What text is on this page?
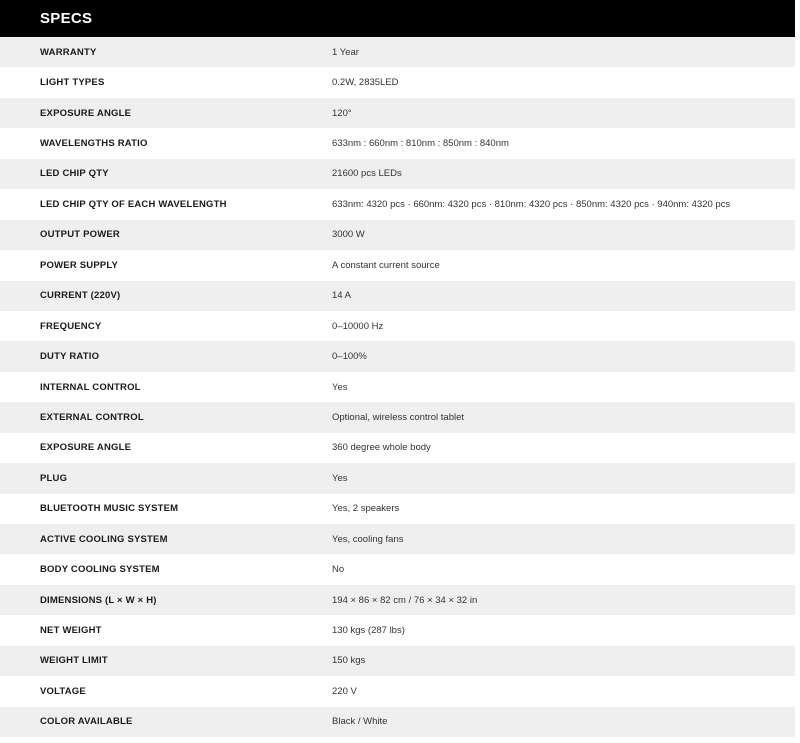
SPECS
WARRANTY	1 Year
LIGHT TYPES	0.2W, 2835LED
EXPOSURE ANGLE	120°
WAVELENGTHS RATIO	633nm : 660nm : 810nm : 850nm : 840nm
LED CHIP QTY	21600 pcs LEDs
LED CHIP QTY OF EACH WAVELENGTH	633nm: 4320 pcs · 660nm: 4320 pcs · 810nm: 4320 pcs · 850nm: 4320 pcs · 940nm: 4320 pcs
OUTPUT POWER	3000 W
POWER SUPPLY	A constant current source
CURRENT (220V)	14 A
FREQUENCY	0–10000 Hz
DUTY RATIO	0–100%
INTERNAL CONTROL	Yes
EXTERNAL CONTROL	Optional, wireless control tablet
EXPOSURE ANGLE	360 degree whole body
PLUG	Yes
BLUETOOTH MUSIC SYSTEM	Yes, 2 speakers
ACTIVE COOLING SYSTEM	Yes, cooling fans
BODY COOLING SYSTEM	No
DIMENSIONS (L × W × H)	194 × 86 × 82 cm / 76 × 34 × 32 in
NET WEIGHT	130 kgs (287 lbs)
WEIGHT LIMIT	150 kgs
VOLTAGE	220 V
COLOR AVAILABLE	Black / White
